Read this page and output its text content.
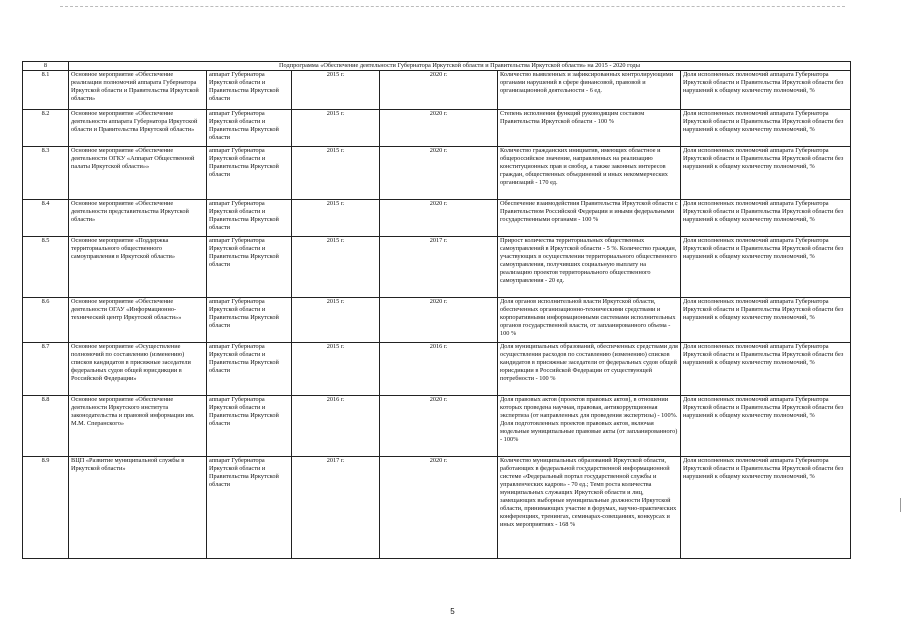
8	Подпрограмма «Обеспечение деятельности Губернатора Иркутской области и Правительства Иркутской области» на 2015 - 2020 годы					
8.1	Основное мероприятие «Обеспечение реализации полномочий аппарата Губернатора Иркутской области и Правительства Иркутской области»	аппарат Губернатора Иркутской области и Правительства Иркутской области	2015 г.	2020 г.	Количество выявленных и зафиксированных контролирующими органами нарушений в сфере финансовой, правовой и организационной деятельности - 6 ед.	Доля исполненных полномочий аппарата Губернатора Иркутской области и Правительства Иркутской области без нарушений к общему количеству полномочий, %
8.2	Основное мероприятие «Обеспечение деятельности аппарата Губернатора Иркутской области и Правительства Иркутской области»	аппарат Губернатора Иркутской области и Правительства Иркутской области	2015 г.	2020 г.	Степень исполнения функций руководящим составом Правительства Иркутской области - 100 %	Доля исполненных полномочий аппарата Губернатора Иркутской области и Правительства Иркутской области без нарушений к общему количеству полномочий, %
8.3	Основное мероприятие «Обеспечение деятельности ОГКУ «Аппарат Общественной палаты Иркутской области»»	аппарат Губернатора Иркутской области и Правительства Иркутской области	2015 г.	2020 г.	Количество гражданских инициатив, имеющих областное и общероссийское значение, направленных на реализацию конституционных прав и свобод, а также законных интересов граждан, общественных объединений и иных некоммерческих организаций - 170 ед.	Доля исполненных полномочий аппарата Губернатора Иркутской области и Правительства Иркутской области без нарушений к общему количеству полномочий, %
8.4	Основное мероприятие «Обеспечение деятельности представительства Иркутской области»	аппарат Губернатора Иркутской области и Правительства Иркутской области	2015 г.	2020 г.	Обеспечение взаимодействия Правительства Иркутской области с Правительством Российской Федерации и иными федеральными государственными органами - 100 %	Доля исполненных полномочий аппарата Губернатора Иркутской области и Правительства Иркутской области без нарушений к общему количеству полномочий, %
8.5	Основное мероприятие «Поддержка территориального общественного самоуправления в Иркутской области»	аппарат Губернатора Иркутской области и Правительства Иркутской области	2015 г.	2017 г.	Прирост количества территориальных общественных самоуправлений в Иркутской области - 5 %. Количество граждан, участвующих в осуществлении территориального общественного самоуправления, получивших социальную выплату на реализацию проектов территориального общественного самоуправления - 20 ед.	Доля исполненных полномочий аппарата Губернатора Иркутской области и Правительства Иркутской области без нарушений к общему количеству полномочий, %
8.6	Основное мероприятие «Обеспечение деятельности ОГАУ «Информационно-технический центр Иркутской области»»	аппарат Губернатора Иркутской области и Правительства Иркутской области	2015 г.	2020 г.	Доля органов исполнительной власти Иркутской области, обеспеченных организационно-техническими средствами и корпоративными информационными системами исполнительных органов государственной власти, от запланированного объема - 100 %	Доля исполненных полномочий аппарата Губернатора Иркутской области и Правительства Иркутской области без нарушений к общему количеству полномочий, %
8.7	Основное мероприятие «Осуществление полномочий по составлению (изменению) списков кандидатов в присяжные заседатели федеральных судов общей юрисдикции в Российской Федерации»	аппарат Губернатора Иркутской области и Правительства Иркутской области	2015 г.	2016 г.	Доля муниципальных образований, обеспеченных средствами для осуществления расходов по составлению (изменению) списков кандидатов в присяжные заседатели от федеральных судов общей юрисдикции в Российской Федерации от существующей потребности - 100 %	Доля исполненных полномочий аппарата Губернатора Иркутской области и Правительства Иркутской области без нарушений к общему количеству полномочий, %
8.8	Основное мероприятие «Обеспечение деятельности Иркутского института законодательства и правовой информации им. М.М. Сперанского»	аппарат Губернатора Иркутской области и Правительства Иркутской области	2016 г.	2020 г.	Доля правовых актов (проектов правовых актов), в отношении которых проведена научная, правовая, антикоррупционная экспертиза (от направленных для проведения экспертизы) - 100%. Доля подготовленных проектов правовых актов, включая модельные муниципальные правовые акты (от запланированного) - 100%	Доля исполненных полномочий аппарата Губернатора Иркутской области и Правительства Иркутской области без нарушений к общему количеству полномочий, %
8.9	ВЦП «Развитие муниципальной службы в Иркутской области»	аппарат Губернатора Иркутской области и Правительства Иркутской области	2017 г.	2020 г.	Количество муниципальных образований Иркутской области, работающих в федеральной государственной информационной системе «Федеральный портал государственной службы и управленческих кадров» - 70 ед.; Темп роста количества муниципальных служащих Иркутской области и лиц, замещающих выборные муниципальные должности Иркутской области, принимающих участие в форумах, научно-практических конференциях, тренингах, семинарах-совещаниях, конкурсах и иных мероприятиях - 168 %	Доля исполненных полномочий аппарата Губернатора Иркутской области и Правительства Иркутской области без нарушений к общему количеству полномочий, %
5
